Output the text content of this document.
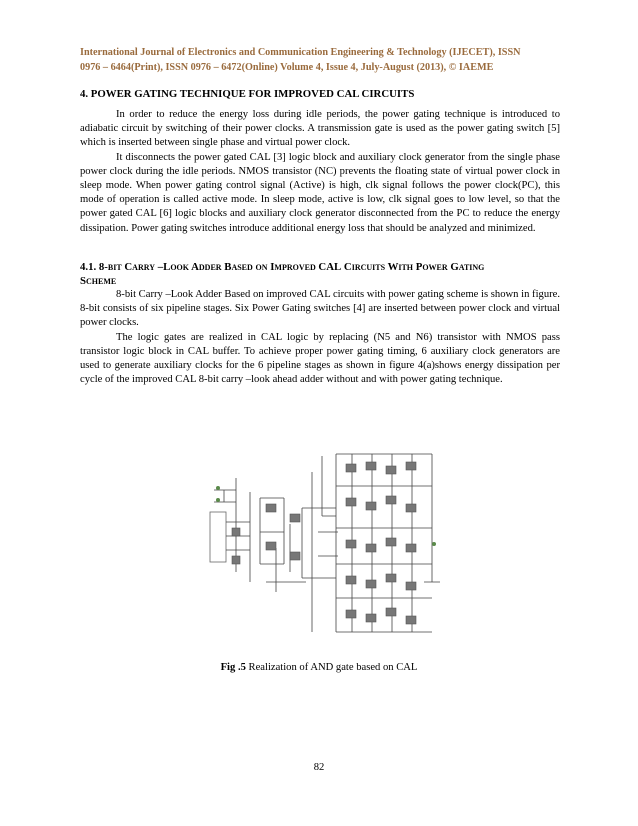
International Journal of Electronics and Communication Engineering & Technology (IJECET), ISSN
0976 – 6464(Print), ISSN 0976 – 6472(Online) Volume 4, Issue 4, July-August (2013), © IAEME
4. POWER GATING TECHNIQUE FOR IMPROVED CAL CIRCUITS

In order to reduce the energy loss during idle periods, the power gating technique is introduced to adiabatic circuit by switching of their power clocks. A transmission gate is used as the power gating switch [5] which is inserted between single phase and virtual power clock.

It disconnects the power gated CAL [3] logic block and auxiliary clock generator from the single phase power clock during the idle periods. NMOS transistor (NC) prevents the floating state of virtual power clock in sleep mode. When power gating control signal (Active) is high, clk signal follows the power clock(PC), this mode of operation is called active mode. In sleep mode, active is low, clk signal goes to low level, so that the power gated CAL [6] logic blocks and auxiliary clock generator disconnected from the PC to reduce the energy dissipation. Power gating switches introduce additional energy loss that should be analyzed and minimized.

4.1. 8-bit Carry –Look Adder Based on Improved CAL Circuits With Power Gating
Scheme

8-bit Carry –Look Adder Based on improved CAL circuits with power gating scheme is shown in figure. 8-bit consists of six pipeline stages. Six Power Gating switches [4] are inserted between power clock and virtual power clocks.

The logic gates are realized in CAL logic by replacing (N5 and N6) transistor with NMOS pass transistor logic block in CAL buffer. To achieve proper power gating timing, 6 auxiliary clock generators are used to generate auxiliary clocks for the 6 pipeline stages as shown in figure 4(a)shows energy dissipation per cycle of the improved CAL 8-bit carry –look ahead adder without and with power gating technique.

Fig .5 Realization of AND gate based on CAL
82
